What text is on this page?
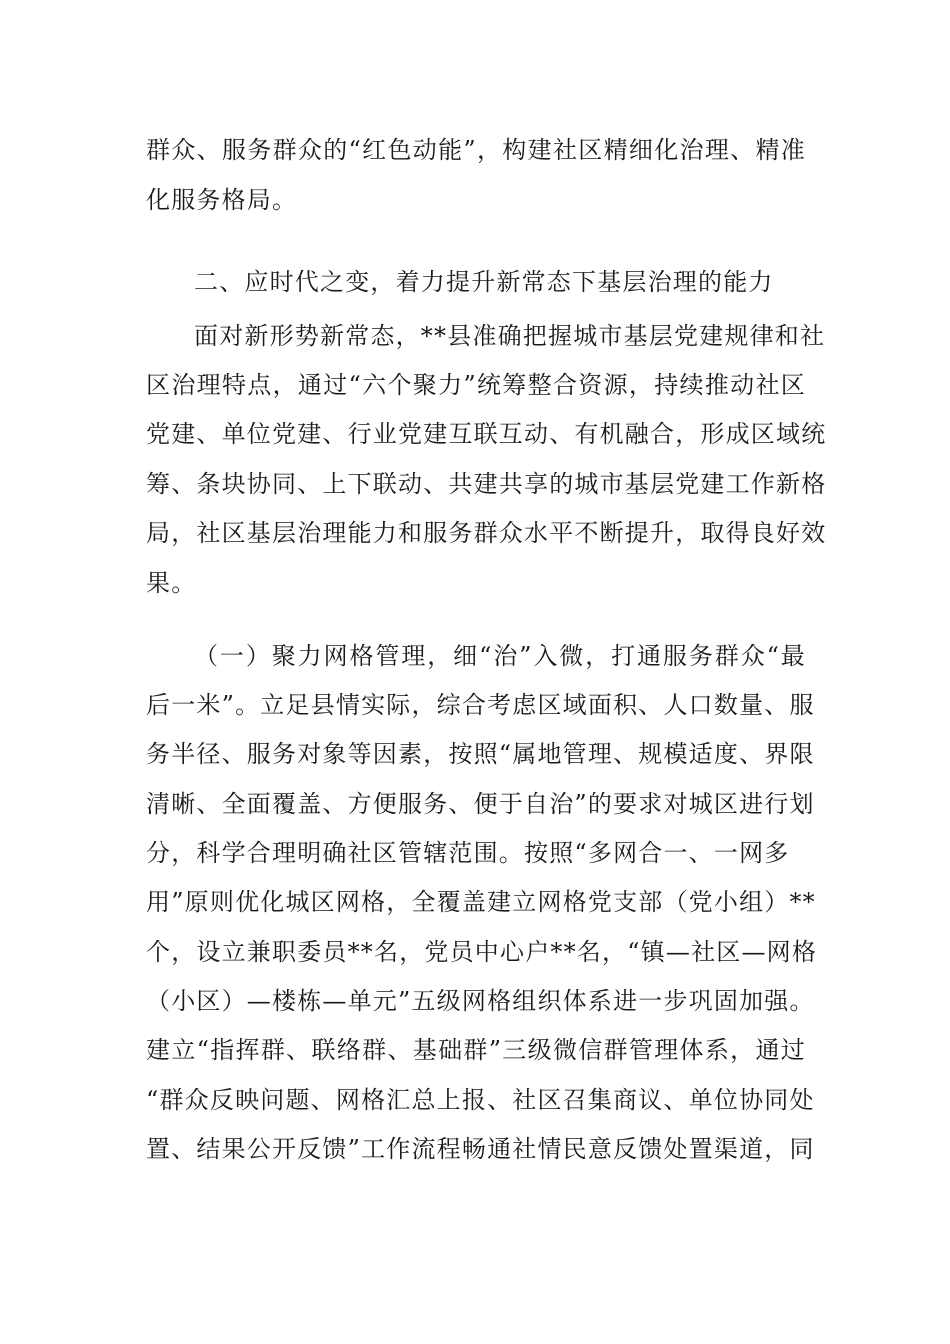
群众、服务群众的“红色动能”，构建社区精细化治理、精准
化服务格局。
二、应时代之变，着力提升新常态下基层治理的能力
面对新形势新常态，**县准确把握城市基层党建规律和社
区治理特点，通过“六个聚力”统筹整合资源，持续推动社区
党建、单位党建、行业党建互联互动、有机融合，形成区域统
筹、条块协同、上下联动、共建共享的城市基层党建工作新格
局，社区基层治理能力和服务群众水平不断提升，取得良好效
果。
（一）聚力网格管理，细“治”入微，打通服务群众“最
后一米”。立足县情实际，综合考虑区域面积、人口数量、服
务半径、服务对象等因素，按照“属地管理、规模适度、界限
清晰、全面覆盖、方便服务、便于自治”的要求对城区进行划
分，科学合理明确社区管辖范围。按照“多网合一、一网多
用”原则优化城区网格，全覆盖建立网格党支部（党小组）**
个，设立兼职委员**名，党员中心户**名，“镇—社区—网格
（小区）—楼栋—单元”五级网格组织体系进一步巩固加强。
建立“指挥群、联络群、基础群”三级微信群管理体系，通过
“群众反映问题、网格汇总上报、社区召集商议、单位协同处
置、结果公开反馈”工作流程畅通社情民意反馈处置渠道，同
